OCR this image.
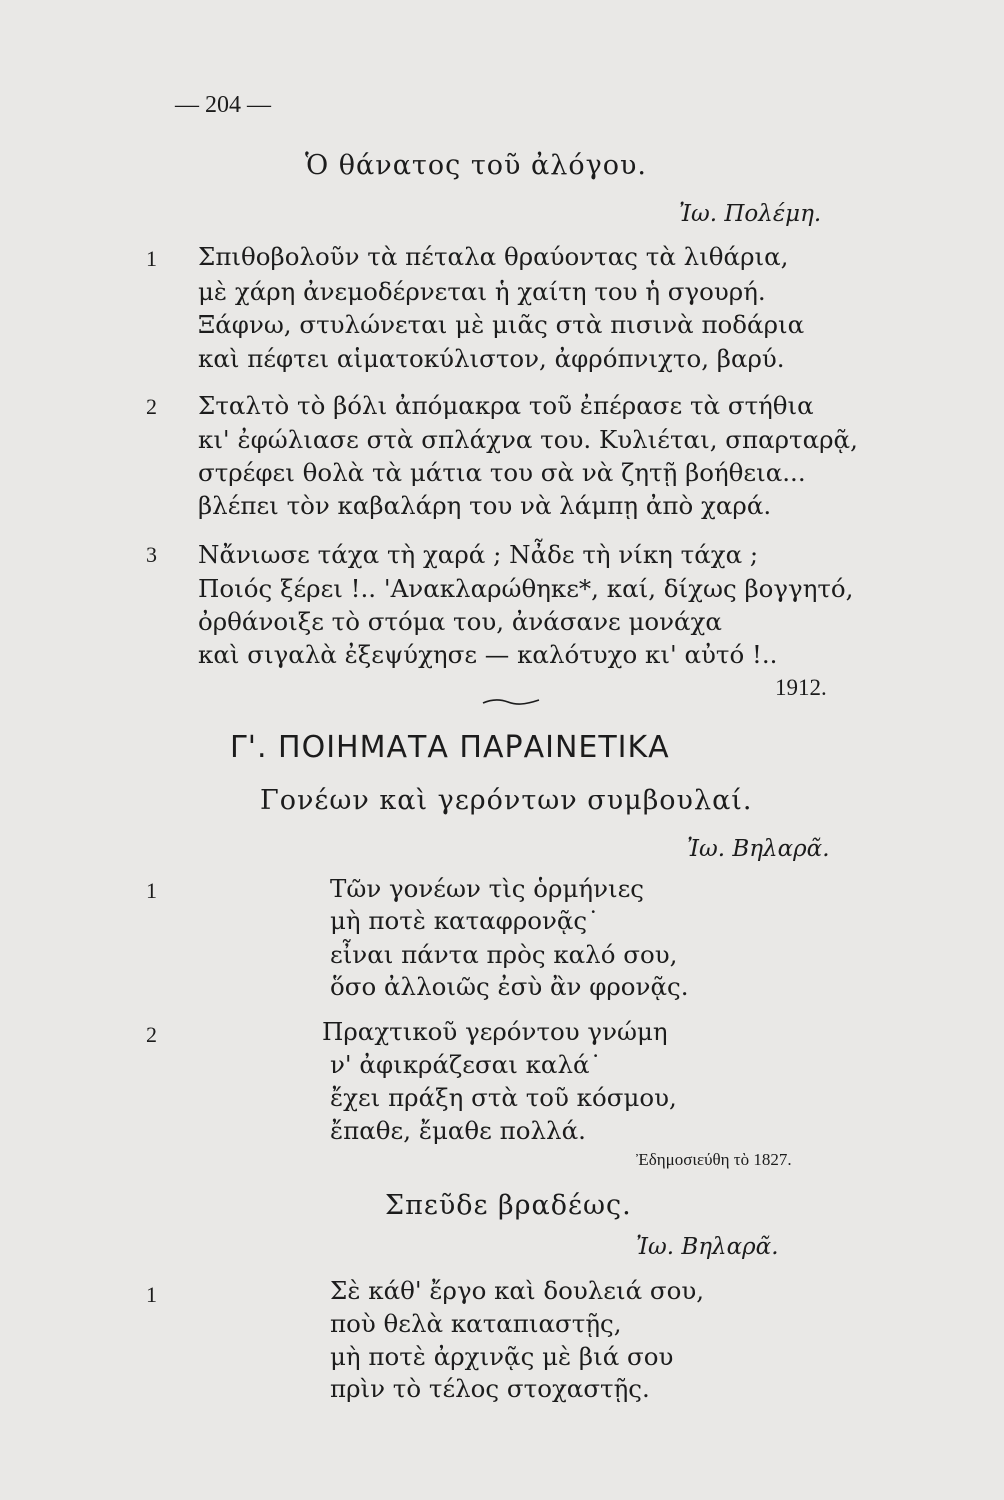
— 204 —
Ὁ θάνατος τοῦ ἀλόγου.
Ἰω. Πολέμη.
1 Σπιθοβολοῦν τὰ πέταλα θραύοντας τὰ λιθάρια,
μὲ χάρη ἀνεμοδέρνεται ἡ χαίτη του ἡ σγουρή.
Ξάφνω, στυλώνεται μὲ μιᾶς στὰ πισινὰ ποδάρια
καὶ πέφτει αἱματοκύλιστον, ἀφρόπνιχτο, βαρύ.
2 Σταλτὸ τὸ βόλι ἀπόμακρα τοῦ ἐπέρασε τὰ στήθια
κι' ἐφώλιασε στὰ σπλάχνα του. Κυλιέται, σπαρταρᾷ,
στρέφει θολὰ τὰ μάτια του σὰ νὰ ζητῇ βοήθεια...
βλέπει τὸν καβαλάρη του νὰ λάμπῃ ἀπὸ χαρά.
3 Νἄνιωσε τάχα τὴ χαρά ; Νἆδε τὴ νίκη τάχα ;
Ποιός ξέρει !.. 'Ανακλαρώθηκε*, καί, δίχως βογγητό,
ὀρθάνοιξε τὸ στόμα του, ἀνάσανε μονάχα
καὶ σιγαλὰ ἐξεψύχησε — καλότυχο κι' αὐτό !..
1912.
Γ'. ΠΟΙΗΜΑΤΑ ΠΑΡΑΙΝΕΤΙΚΑ
Γονέων καὶ γερόντων συμβουλαί.
Ἰω. Βηλαρᾶ.
1	Τῶν γονέων τὶς ὁρμήνιες
μὴ ποτὲ καταφρονᾷς˙
εἶναι πάντα πρὸς καλό σου,
ὅσο ἀλλοιῶς ἐσὺ ἂν φρονᾷς.
2	Πραχτικοῦ γερόντου γνώμη
ν' ἀφικράζεσαι καλά˙
ἔχει πράξη στὰ τοῦ κόσμου,
ἔπαθε, ἔμαθε πολλά.
Ἐδημοσιεύθη τὸ 1827.
Σπεῦδε βραδέως.
Ἰω. Βηλαρᾶ.
1	Σὲ κάθ' ἔργο καὶ δουλειά σου,
ποὺ θελὰ καταπιαστῇς,
μὴ ποτὲ ἀρχινᾷς μὲ βιά σου
πρὶν τὸ τέλος στοχαστῇς.
